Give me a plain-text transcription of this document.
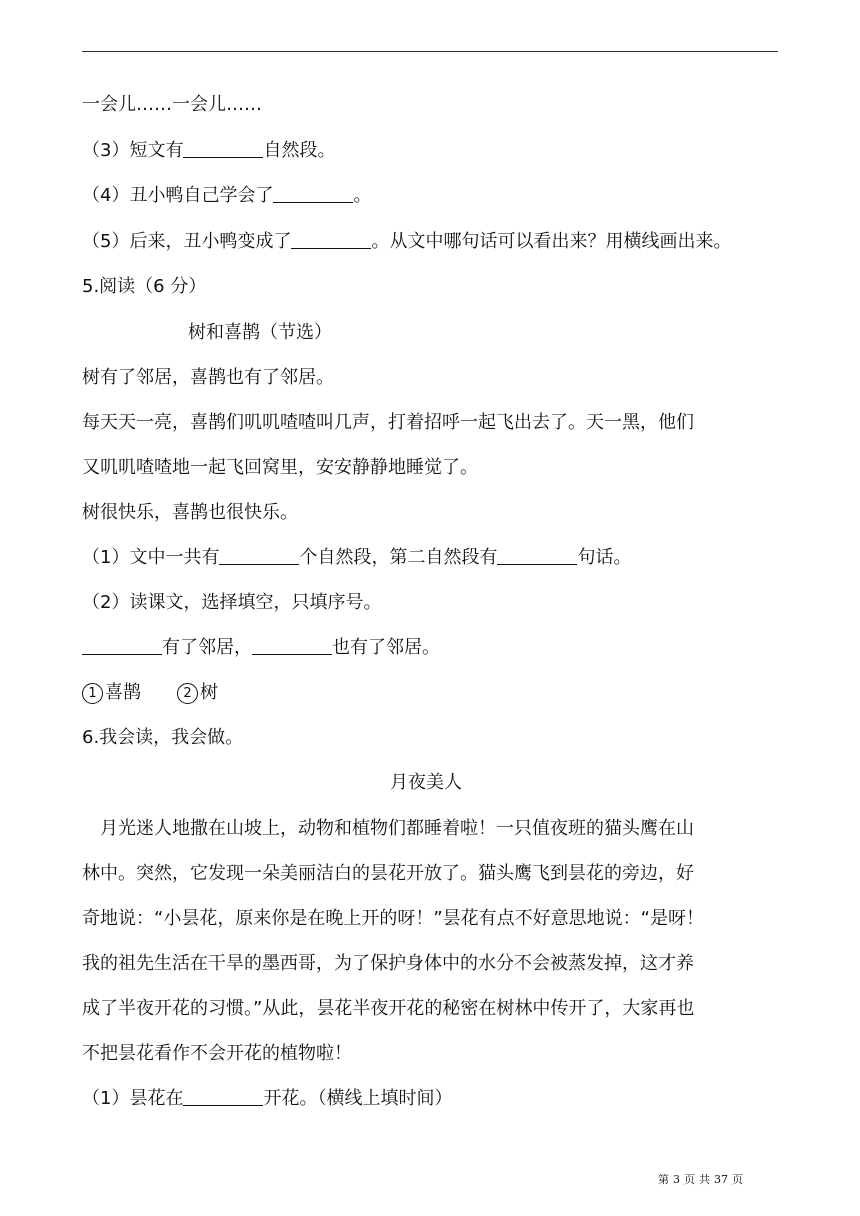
一会儿……一会儿……
（3）短文有	自然段。
（4）丑小鸭自己学会了	。
（5）后来，丑小鸭变成了	。从文中哪句话可以看出来？用横线画出来。
5.阅读（6 分）
树和喜鹊（节选）
树有了邻居，喜鹊也有了邻居。
每天天一亮，喜鹊们叽叽喳喳叫几声，打着招呼一起飞出去了。天一黑，他们
又叽叽喳喳地一起飞回窝里，安安静静地睡觉了。
树很快乐，喜鹊也很快乐。
（1）文中一共有	个自然段，第二自然段有	句话。
（2）读课文，选择填空，只填序号。
有了邻居，	也有了邻居。
1 喜鹊	2 树
6.我会读，我会做。
月夜美人
月光迷人地撒在山坡上，动物和植物们都睡着啦！一只值夜班的猫头鹰在山
林中。突然，它发现一朵美丽洁白的昙花开放了。猫头鹰飞到昙花的旁边，好
奇地说：“小昙花，原来你是在晚上开的呀！”昙花有点不好意思地说：“是呀！
我的祖先生活在干旱的墨西哥，为了保护身体中的水分不会被蒸发掉，这才养
成了半夜开花的习惯。”从此，昙花半夜开花的秘密在树林中传开了，大家再也
不把昙花看作不会开花的植物啦！
（1）昙花在	开花。（横线上填时间）
第 3 页 共 37 页
